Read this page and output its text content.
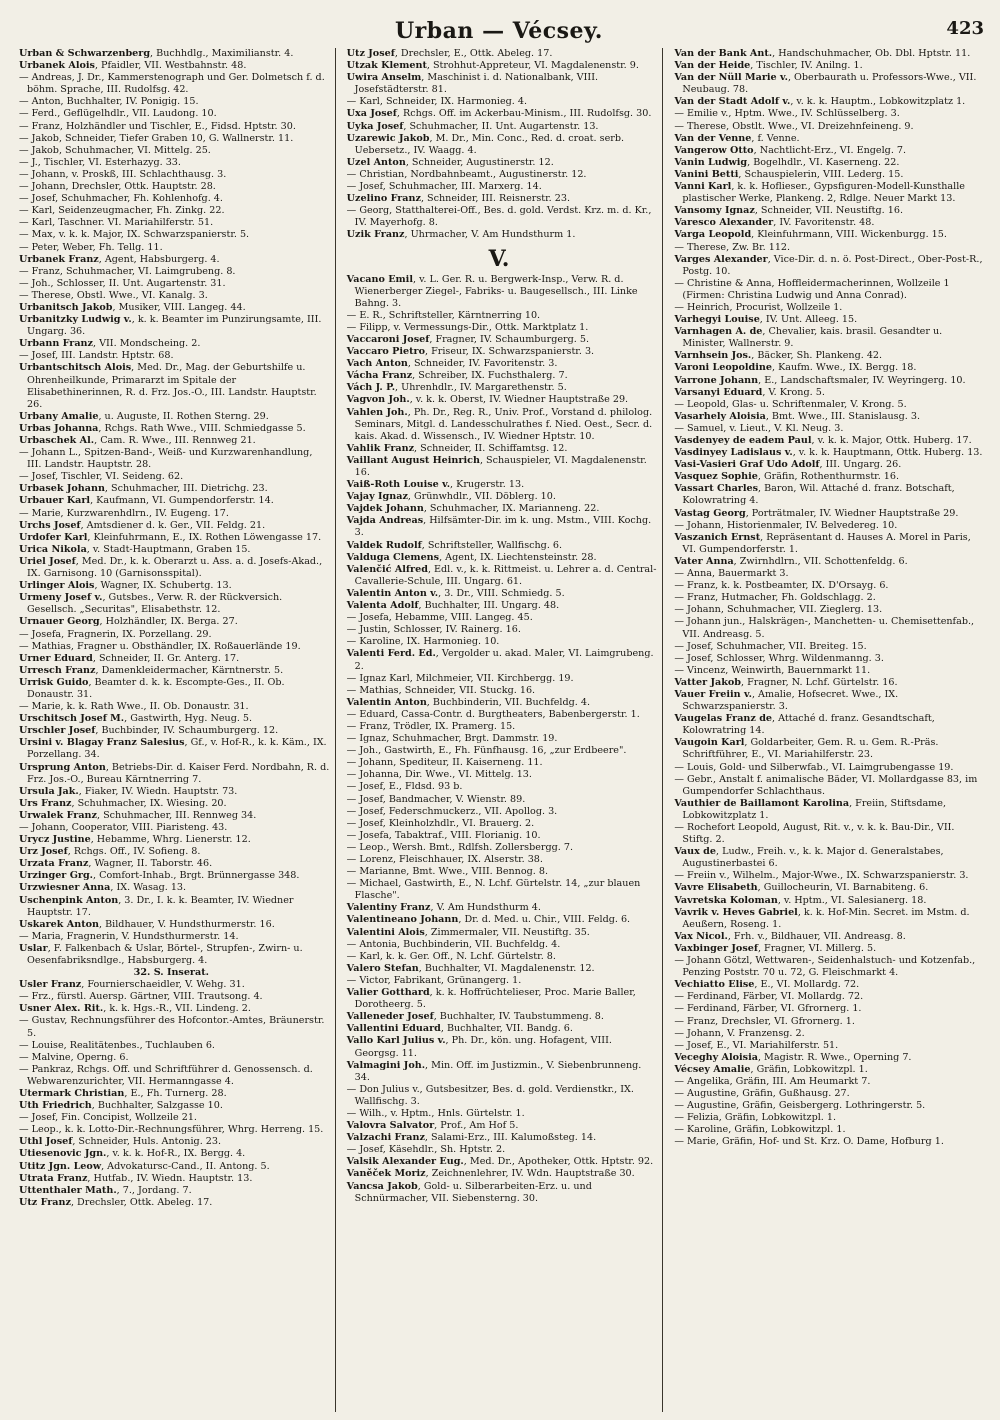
Urban — Vécsey.	423
Urban & Schwarzenberg, Buchhdlg., Maximilianstr. 4.
Urbanek Alois, Pfaidler, VII. Westbahnstr. 48.
— Andreas, J. Dr., Kammerstenograph und Ger. Dolmetsch f. d. böhm. Sprache, III. Rudolfsg. 42.
— Anton, Buchhalter, IV. Ponigig. 15.
— Ferd., Geflügelhdlr., VII. Laudong. 10.
— Franz, Holzhändler und Tischler, E., Fidsd. Hptstr. 30.
— Jakob, Schneider, Tiefer Graben 10, G. Wallnerstr. 11.
— Jakob, Schuhmacher, VI. Mittelg. 25.
— J., Tischler, VI. Esterhazyg. 33.
— Johann, v. Proskß, III. Schlachthausg. 3.
— Johann, Drechsler, Ottk. Hauptstr. 28.
— Josef, Schuhmacher, Fh. Kohlenhofg. 4.
— Karl, Seidenzeugmacher, Fh. Zinkg. 22.
— Karl, Taschner. VI. Mariahilferstr. 51.
— Max, v. k. k. Major, IX. Schwarzspanierstr. 5.
— Peter, Weber, Fh. Tellg. 11.
Urbanek Franz, Agent, Habsburgerg. 4.
— Franz, Schuhmacher, VI. Laimgrubeng. 8.
— Joh., Schlosser, II. Unt. Augartenstr. 31.
— Therese, Obstl. Wwe., VI. Kanalg. 3.
Urbanitsch Jakob, Musiker, VIII. Langeg. 44.
Urbanitzky Ludwig v., k. k. Beamter im Punzirungsamte, III. Ungarg. 36.
Urbann Franz, VII. Mondscheing. 2.
— Josef, III. Landstr. Hptstr. 68.
Urbantschitsch Alois, Med. Dr., Mag. der Geburtshilfe u. Ohrenheilkunde, Primararzt im Spitale der Elisabethinerinnen, R. d. Frz. Jos.-O., III. Landstr. Hauptstr. 26.
Urbany Amalie, u. Auguste, II. Rothen Sterng. 29.
Urbas Johanna, Rchgs. Rath Wwe., VIII. Schmiedgasse 5.
Urbaschek Al., Cam. R. Wwe., III. Rennweg 21.
— Johann L., Spitzen-Band-, Weiß- und Kurzwarenhandlung, III. Landstr. Hauptstr. 28.
— Josef, Tischler, VI. Seideng. 62.
Urbasek Johann, Schuhmacher, III. Dietrichg. 23.
Urbauer Karl, Kaufmann, VI. Gumpendorferstr. 14.
— Marie, Kurzwarenhdlrn., IV. Eugeng. 17.
Urchs Josef, Amtsdiener d. k. Ger., VII. Feldg. 21.
Urdofer Karl, Kleinfuhrmann, E., IX. Rothen Löwengasse 17.
Urica Nikola, v. Stadt-Hauptmann, Graben 15.
Uriel Josef, Med. Dr., k. k. Oberarzt u. Ass. a. d. Josefs-Akad., IX. Garnisong. 10 (Garnisonsspital).
Urlinger Alois, Wagner, IX. Schubertg. 13.
Urmeny Josef v., Gutsbes., Verw. R. der Rückversich. Gesellsch. „Securitas", Elisabethstr. 12.
Urnauer Georg, Holzhändler, IX. Berga. 27.
— Josefa, Fragnerin, IX. Porzellang. 29.
— Mathias, Fragner u. Obsthändler, IX. Roßauerlände 19.
Urner Eduard, Schneider, II. Gr. Anterg. 17.
Urresch Franz, Damenkleidermacher, Kärntnerstr. 5.
Urrisk Guido, Beamter d. k. k. Escompte-Ges., II. Ob. Donaustr. 31.
— Marie, k. k. Rath Wwe., II. Ob. Donaustr. 31.
Urschitsch Josef M., Gastwirth, Hyg. Neug. 5.
Urschler Josef, Buchbinder, IV. Schaumburgerg. 12.
Ursini v. Blagay Franz Salesius, Gf., v. Hof-R., k. k. Käm., IX. Porzellang. 34.
Ursprung Anton, Betriebs-Dir. d. Kaiser Ferd. Nordbahn, R. d. Frz. Jos.-O., Bureau Kärntnerring 7.
Ursula Jak., Fiaker, IV. Wiedn. Hauptstr. 73.
Urs Franz, Schuhmacher, IX. Wiesing. 20.
Urwalek Franz, Schuhmacher, III. Rennweg 34.
— Johann, Cooperator, VIII. Piaristeng. 43.
Urycz Justine, Hebamme, Whrg. Lienerstr. 12.
Urz Josef, Rchgs. Off., IV. Sofieng. 8.
Urzata Franz, Wagner, II. Taborstr. 46.
Urzinger Grg., Comfort-Inhab., Brgt. Brünnergasse 348.
Urzwiesner Anna, IX. Wasag. 13.
Uschenpink Anton, 3. Dr., I. k. k. Beamter, IV. Wiedner Hauptstr. 17.
Uskarek Anton, Bildhauer, V. Hundsthurmerstr. 16.
— Maria, Fragnerin, V. Hundsthurmerstr. 14.
Uslar, F. Falkenbach & Uslar, Börtel-, Strupfen-, Zwirn- u. Oesenfabriksndlge., Habsburgerg. 4.
32. S. Inserat.
Usler Franz, Fournierschaeidler, V. Wehg. 31.
— Frz., fürstl. Auersp. Gärtner, VIII. Trautsong. 4.
Usner Alex. Rit., k. k. Hgs.-R., VII. Lindeng. 2.
— Gustav, Rechnungsführer des Hofcontor.-Amtes, Bräunerstr. 5.
— Louise, Realitätenbes., Tuchlauben 6.
— Malvine, Operng. 6.
— Pankraz, Rchgs. Off. und Schriftführer d. Genossensch. d. Webwarenzurichter, VII. Hermanngasse 4.
Utermark Christian, E., Fh. Turnerg. 28.
Uth Friedrich, Buchhalter, Salzgasse 10.
— Josef, Fin. Concipist, Wollzeile 21.
— Leop., k. k. Lotto-Dir.-Rechnungsführer, Whrg. Herreng. 15.
Uthl Josef, Schneider, Huls. Antonig. 23.
Utiesenovic Jgn., v. k. k. Hof-R., IX. Bergg. 4.
Utitz Jgn. Leow, Advokatursc-Cand., II. Antong. 5.
Utrata Franz, Hutfab., IV. Wiedn. Hauptstr. 13.
Uttenthaler Math., 7., Jordang. 7.
Utz Franz, Drechsler, Ottk. Abeleg. 17.
Utz Josef, Drechsler, E., Ottk. Abeleg. 17.
Utzak Klement, Strohhut-Appreteur, VI. Magdalenenstr. 9.
Uwira Anselm, Maschinist i. d. Nationalbank, VIII. Josefstädterstr. 81.
— Karl, Schneider, IX. Harmonieg. 4.
Uxa Josef, Rchgs. Off. im Ackerbau-Minism., III. Rudolfsg. 30.
Uyka Josef, Schuhmacher, II. Unt. Augartenstr. 13.
Uzarewic Jakob, M. Dr., Min. Conc., Red. d. croat. serb. Uebersetz., IV. Waagg. 4.
Uzel Anton, Schneider, Augustinerstr. 12.
— Christian, Nordbahnbeamt., Augustinerstr. 12.
— Josef, Schuhmacher, III. Marxerg. 14.
Uzelino Franz, Schneider, III. Reisnerstr. 23.
— Georg, Statthalterei-Off., Bes. d. gold. Verdst. Krz. m. d. Kr., IV. Mayerhofg. 8.
Uzik Franz, Uhrmacher, V. Am Hundsthurm 1.
V.
Vacano Emil, v. L. Ger. R. u. Bergwerk-Insp., Verw. R. d. Wienerberger Ziegel-, Fabriks- u. Baugesellsch., III. Linke Bahng. 3.
— E. R., Schriftsteller, Kärntnerring 10.
— Filipp, v. Vermessungs-Dir., Ottk. Marktplatz 1.
Vaccaroni Josef, Fragner, IV. Schaumburgerg. 5.
Vaccaro Pietro, Friseur, IX. Schwarzspanierstr. 3.
Vach Anton, Schneider, IV. Favoritenstr. 3.
Vácha Franz, Schreiber, IX. Fuchsthalerg. 7.
Vách J. P., Uhrenhdlr., IV. Margarethenstr. 5.
Vagvon Joh., v. k. k. Oberst, IV. Wiedner Hauptstraße 29.
Vahlen Joh., Ph. Dr., Reg. R., Univ. Prof., Vorstand d. philolog. Seminars, Mitgl. d. Landesschulrathes f. Nied. Oest., Secr. d. kais. Akad. d. Wissensch., IV. Wiedner Hptstr. 10.
Vahlik Franz, Schneider, II. Schiffamtsg. 12.
Vaillant August Heinrich, Schauspieler, VI. Magdalenenstr. 16.
Vaiß-Roth Louise v., Krugerstr. 13.
Vajay Ignaz, Grünwhdlr., VII. Döblerg. 10.
Vajdek Johann, Schuhmacher, IX. Marianneng. 22.
Vajda Andreas, Hilfsämter-Dir. im k. ung. Mstm., VIII. Kochg. 3.
Valdek Rudolf, Schriftsteller, Wallfischg. 6.
Valduga Clemens, Agent, IX. Liechtensteinstr. 28.
Valenčić Alfred, Edl. v., k. k. Rittmeist. u. Lehrer a. d. Central-Cavallerie-Schule, III. Ungarg. 61.
Valentin Anton v., 3. Dr., VIII. Schmiedg. 5.
Valenta Adolf, Buchhalter, III. Ungarg. 48.
— Josefa, Hebamme, VIII. Langeg. 45.
— Justin, Schlosser, IV. Rainerg. 16.
— Karoline, IX. Harmonieg. 10.
Valenti Ferd. Ed., Vergolder u. akad. Maler, VI. Laimgrubeng. 2.
— Ignaz Karl, Milchmeier, VII. Kirchbergg. 19.
— Mathias, Schneider, VII. Stuckg. 16.
Valentin Anton, Buchbinderin, VII. Buchfeldg. 4.
— Eduard, Cassa-Contr. d. Burgtheaters, Babenbergerstr. 1.
— Franz, Trödler, IX. Pramerg. 15.
— Ignaz, Schuhmacher, Brgt. Dammstr. 19.
— Joh., Gastwirth, E., Fh. Fünfhausg. 16, „zur Erdbeere".
— Johann, Spediteur, II. Kaiserneng. 11.
— Johanna, Dir. Wwe., VI. Mittelg. 13.
— Josef, E., Fldsd. 93 b.
— Josef, Bandmacher, V. Wienstr. 89.
— Josef, Federschmuckerz., VII. Apollog. 3.
— Josef, Kleinholzhdlr., VI. Brauerg. 2.
— Josefa, Tabaktraf., VIII. Florianig. 10.
— Leop., Wersh. Bmt., Rdlfsh. Zollersbergg. 7.
— Lorenz, Fleischhauer, IX. Alserstr. 38.
— Marianne, Bmt. Wwe., VIII. Bennog. 8.
— Michael, Gastwirth, E., N. Lchf. Gürtelstr. 14, „zur blauen Flasche".
Valentiny Franz, V. Am Hundsthurm 4.
Valentineano Johann, Dr. d. Med. u. Chir., VIII. Feldg. 6.
Valentini Alois, Zimmermaler, VII. Neustiftg. 35.
— Antonia, Buchbinderin, VII. Buchfeldg. 4.
— Karl, k. k. Ger. Off., N. Lchf. Gürtelstr. 8.
Valero Stefan, Buchhalter, VI. Magdalenenstr. 12.
— Victor, Fabrikant, Grünangerg. 1.
Valier Gotthard, k. k. Hoffrüchtelieser, Proc. Marie Baller, Dorotheerg. 5.
Valleneder Josef, Buchhalter, IV. Taubstummeng. 8.
Vallentini Eduard, Buchhalter, VII. Bandg. 6.
Vallo Karl Julius v., Ph. Dr., kön. ung. Hofagent, VIII. Georgsg. 11.
Valmagini Joh., Min. Off. im Justizmin., V. Siebenbrunneng. 34.
— Don Julius v., Gutsbesitzer, Bes. d. gold. Verdienstkr., IX. Wallfischg. 3.
— Wilh., v. Hptm., Hnls. Gürtelstr. 1.
Valovra Salvator, Prof., Am Hof 5.
Valzachi Franz, Salami-Erz., III. Kalumoßsteg. 14.
— Josef, Käsehdlr., Sh. Hptstr. 2.
Valsik Alexander Eug., Med. Dr., Apotheker, Ottk. Hptstr. 92.
Vaněček Moriz, Zeichnenlehrer, IV. Wdn. Hauptstraße 30.
Vancsa Jakob, Gold- u. Silberarbeiten-Erz. u. und Schnürmacher, VII. Siebensterng. 30.
Van der Bank Ant., Handschuhmacher, Ob. Dbl. Hptstr. 11.
Van der Heide, Tischler, IV. Anilng. 1.
Van der Nüll Marie v., Oberbaurath u. Professors-Wwe., VII. Neubaug. 78.
Van der Stadt Adolf v., v. k. k. Hauptm., Lobkowitzplatz 1.
— Emilie v., Hptm. Wwe., IV. Schlüsselberg. 3.
— Therese, Obstlt. Wwe., VI. Dreizehnfeineng. 9.
Van der Venne, f. Venne.
Vangerow Otto, Nachtlicht-Erz., VI. Engelg. 7.
Vanin Ludwig, Bogelhdlr., VI. Kaserneng. 22.
Vanini Betti, Schauspielerin, VIII. Lederg. 15.
Vanni Karl, k. k. Hoflieser., Gypsfiguren-Modell-Kunsthalle plastischer Werke, Plankeng. 2, Rdlge. Neuer Markt 13.
Vansomy Ignaz, Schneider, VII. Neustiftg. 16.
Varesco Alexander, IV. Favoritenstr. 48.
Varga Leopold, Kleinfuhrmann, VIII. Wickenburgg. 15.
— Therese, Zw. Br. 112.
Varges Alexander, Vice-Dir. d. n. ö. Post-Direct., Ober-Post-R., Postg. 10.
— Christine & Anna, Hoffleidermacherinnen, Wollzeile 1 (Firmen: Christina Ludwig und Anna Conrad).
— Heinrich, Procurist, Wollzeile 1.
Varhegyi Louise, IV. Unt. Alleeg. 15.
Varnhagen A. de, Chevalier, kais. brasil. Gesandter u. Minister, Wallnerstr. 9.
Varnhsein Jos., Bäcker, Sh. Plankeng. 42.
Varoni Leopoldine, Kaufm. Wwe., IX. Bergg. 18.
Varrone Johann, E., Landschaftsmaler, IV. Weyringerg. 10.
Varsanyi Eduard, V. Krong. 5.
— Leopold, Glas- u. Schriftenmaler, V. Krong. 5.
Vasarhely Aloisia, Bmt. Wwe., III. Stanislausg. 3.
— Samuel, v. Lieut., V. Kl. Neug. 3.
Vasdenyey de eadem Paul, v. k. k. Major, Ottk. Huberg. 17.
Vasdinyey Ladislaus v., v. k. k. Hauptmann, Ottk. Huberg. 13.
Vasi-Vasieri Graf Udo Adolf, III. Ungarg. 26.
Vasquez Sophie, Gräfin, Rothenthurmstr. 16.
Vassart Charles, Baron, Wil. Attaché d. franz. Botschaft, Kolowratring 4.
Vastag Georg, Porträtmaler, IV. Wiedner Hauptstraße 29.
— Johann, Historienmaler, IV. Belvedereg. 10.
Vaszanich Ernst, Repräsentant d. Hauses A. Morel in Paris, VI. Gumpendorferstr. 1.
Vater Anna, Zwirnhdlrn., VII. Schottenfeldg. 6.
— Anna, Bauermarkt 3.
— Franz, k. k. Postbeamter, IX. D'Orsayg. 6.
— Franz, Hutmacher, Fh. Goldschlagg. 2.
— Johann, Schuhmacher, VII. Zieglerg. 13.
— Johann jun., Halskrägen-, Manchetten- u. Chemisettenfab., VII. Andreasg. 5.
— Josef, Schuhmacher, VII. Breiteg. 15.
— Josef, Schlosser, Whrg. Wildenmanng. 3.
— Vincenz, Weinwirth, Bauernmarkt 11.
Vatter Jakob, Fragner, N. Lchf. Gürtelstr. 16.
Vauer Freiin v., Amalie, Hofsecret. Wwe., IX. Schwarzspanierstr. 3.
Vaugelas Franz de, Attaché d. franz. Gesandtschaft, Kolowratring 14.
Vaugoin Karl, Goldarbeiter, Gem. R. u. Gem. R.-Präs. Schriftführer, E., VI. Mariahilferstr. 23.
— Louis, Gold- und Silberwfab., VI. Laimgrubengasse 19.
— Gebr., Anstalt f. animalische Bäder, VI. Mollardgasse 83, im Gumpendorfer Schlachthaus.
Vauthier de Baillamont Karolina, Freiin, Stiftsdame, Lobkowitzplatz 1.
— Rochefort Leopold, August, Rit. v., v. k. k. Bau-Dir., VII. Stiftg. 2.
Vaux de, Ludw., Freih. v., k. k. Major d. Generalstabes, Augustinerbastei 6.
— Freiin v., Wilhelm., Major-Wwe., IX. Schwarzspanierstr. 3.
Vavre Elisabeth, Guillocheurin, VI. Barnabiteng. 6.
Vavretska Koloman, v. Hptm., VI. Salesianerg. 18.
Vavrik v. Heves Gabriel, k. k. Hof-Min. Secret. im Mstm. d. Aeußern, Roseng. 1.
Vax Nicol., Frh. v., Bildhauer, VII. Andreasg. 8.
Vaxbinger Josef, Fragner, VI. Millerg. 5.
— Johann Götzl, Wettwaren-, Seidenhalstuch- und Kotzenfab., Penzing Poststr. 70 u. 72, G. Fleischmarkt 4.
Vechiatto Elise, E., VI. Mollardg. 72.
— Ferdinand, Färber, VI. Mollardg. 72.
— Ferdinand, Färber, VI. Gfrornerg. 1.
— Franz, Drechsler, VI. Gfrornerg. 1.
— Johann, V. Franzensg. 2.
— Josef, E., VI. Mariahilferstr. 51.
Veceghy Aloisia, Magistr. R. Wwe., Operning 7.
Vécsey Amalie, Gräfin, Lobkowitzpl. 1.
— Angelika, Gräfin, III. Am Heumarkt 7.
— Augustine, Gräfin, Gußhausg. 27.
— Augustine, Gräfin, Geisbergerg. Lothringerstr. 5.
— Felizia, Gräfin, Lobkowitzpl. 1.
— Karoline, Gräfin, Lobkowitzpl. 1.
— Marie, Gräfin, Hof- und St. Krz. O. Dame, Hofburg 1.
